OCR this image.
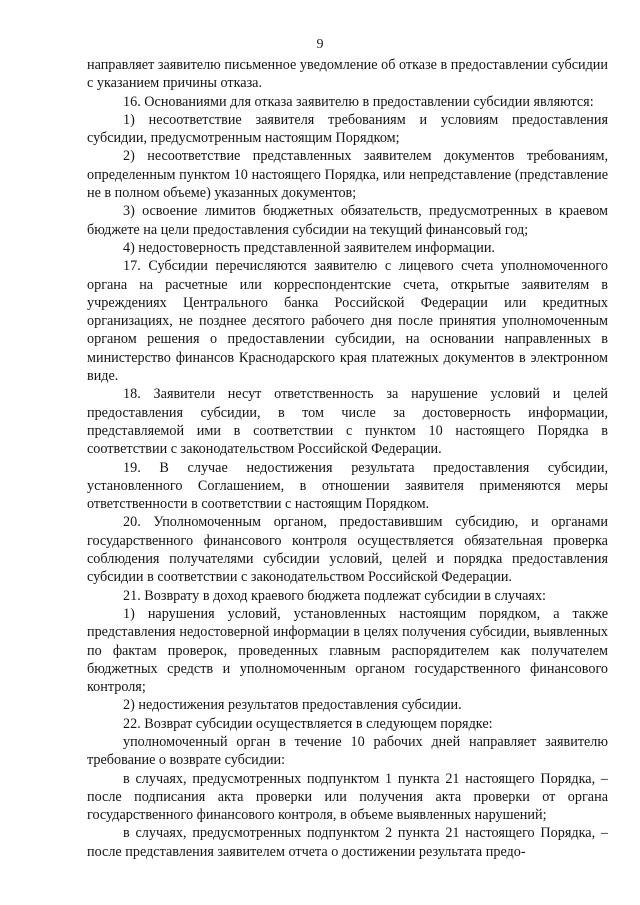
9

направляет заявителю письменное уведомление об отказе в предоставлении субсидии с указанием причины отказа.

16. Основаниями для отказа заявителю в предоставлении субсидии являются:

1) несоответствие заявителя требованиям и условиям предоставления субсидии, предусмотренным настоящим Порядком;

2) несоответствие представленных заявителем документов требованиям, определенным пунктом 10 настоящего Порядка, или непредставление (представление не в полном объеме) указанных документов;

3) освоение лимитов бюджетных обязательств, предусмотренных в краевом бюджете на цели предоставления субсидии на текущий финансовый год;

4) недостоверность представленной заявителем информации.

17. Субсидии перечисляются заявителю с лицевого счета уполномоченного органа на расчетные или корреспондентские счета, открытые заявителям в учреждениях Центрального банка Российской Федерации или кредитных организациях, не позднее десятого рабочего дня после принятия уполномоченным органом решения о предоставлении субсидии, на основании направленных в министерство финансов Краснодарского края платежных документов в электронном виде.

18. Заявители несут ответственность за нарушение условий и целей предоставления субсидии, в том числе за достоверность информации, представляемой ими в соответствии с пунктом 10 настоящего Порядка в соответствии с законодательством Российской Федерации.

19. В случае недостижения результата предоставления субсидии, установленного Соглашением, в отношении заявителя применяются меры ответственности в соответствии с настоящим Порядком.

20. Уполномоченным органом, предоставившим субсидию, и органами государственного финансового контроля осуществляется обязательная проверка соблюдения получателями субсидии условий, целей и порядка предоставления субсидии в соответствии с законодательством Российской Федерации.

21. Возврату в доход краевого бюджета подлежат субсидии в случаях:

1) нарушения условий, установленных настоящим порядком, а также представления недостоверной информации в целях получения субсидии, выявленных по фактам проверок, проведенных главным распорядителем как получателем бюджетных средств и уполномоченным органом государственного финансового контроля;

2) недостижения результатов предоставления субсидии.

22. Возврат субсидии осуществляется в следующем порядке:

уполномоченный орган в течение 10 рабочих дней направляет заявителю требование о возврате субсидии:

в случаях, предусмотренных подпунктом 1 пункта 21 настоящего Порядка, – после подписания акта проверки или получения акта проверки от органа государственного финансового контроля, в объеме выявленных нарушений;

в случаях, предусмотренных подпунктом 2 пункта 21 настоящего Порядка, – после представления заявителем отчета о достижении результата предо-
